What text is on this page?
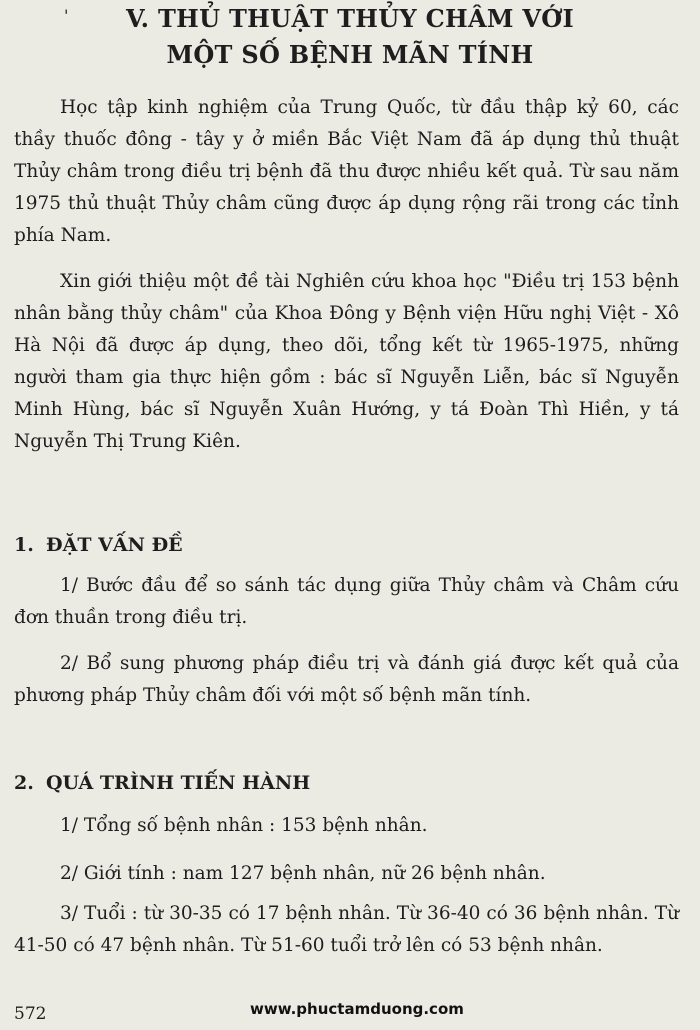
'	V. THỦ THUẬT THỦY CHÂM VỚI
MỘT SỐ BỆNH MÃN TÍNH
Học tập kinh nghiệm của Trung Quốc, từ đầu thập kỷ 60, các thầy thuốc đông - tây y ở miền Bắc Việt Nam đã áp dụng thủ thuật Thủy châm trong điều trị bệnh đã thu được nhiều kết quả. Từ sau năm 1975 thủ thuật Thủy châm cũng được áp dụng rộng rãi trong các tỉnh phía Nam.
Xin giới thiệu một đề tài Nghiên cứu khoa học "Điều trị 153 bệnh nhân bằng thủy châm" của Khoa Đông y Bệnh viện Hữu nghị Việt - Xô Hà Nội đã được áp dụng, theo dõi, tổng kết từ 1965-1975, những người tham gia thực hiện gồm : bác sĩ Nguyễn Liễn, bác sĩ Nguyễn Minh Hùng, bác sĩ Nguyễn Xuân Hướng, y tá Đoàn Thì Hiền, y tá Nguyễn Thị Trung Kiên.
1. ĐẶT VẤN ĐỀ
1/ Bước đầu để so sánh tác dụng giữa Thủy châm và Châm cứu đơn thuần trong điều trị.
2/ Bổ sung phương pháp điều trị và đánh giá được kết quả của phương pháp Thủy châm đối với một số bệnh mãn tính.
2. QUÁ TRÌNH TIẾN HÀNH
1/ Tổng số bệnh nhân : 153 bệnh nhân.
2/ Giới tính : nam 127 bệnh nhân, nữ 26 bệnh nhân.
3/ Tuổi : từ 30-35 có 17 bệnh nhân. Từ 36-40 có 36 bệnh nhân. Từ 41-50 có 47 bệnh nhân. Từ 51-60 tuổi trở lên có 53 bệnh nhân.
572	www.phuctamduong.com
